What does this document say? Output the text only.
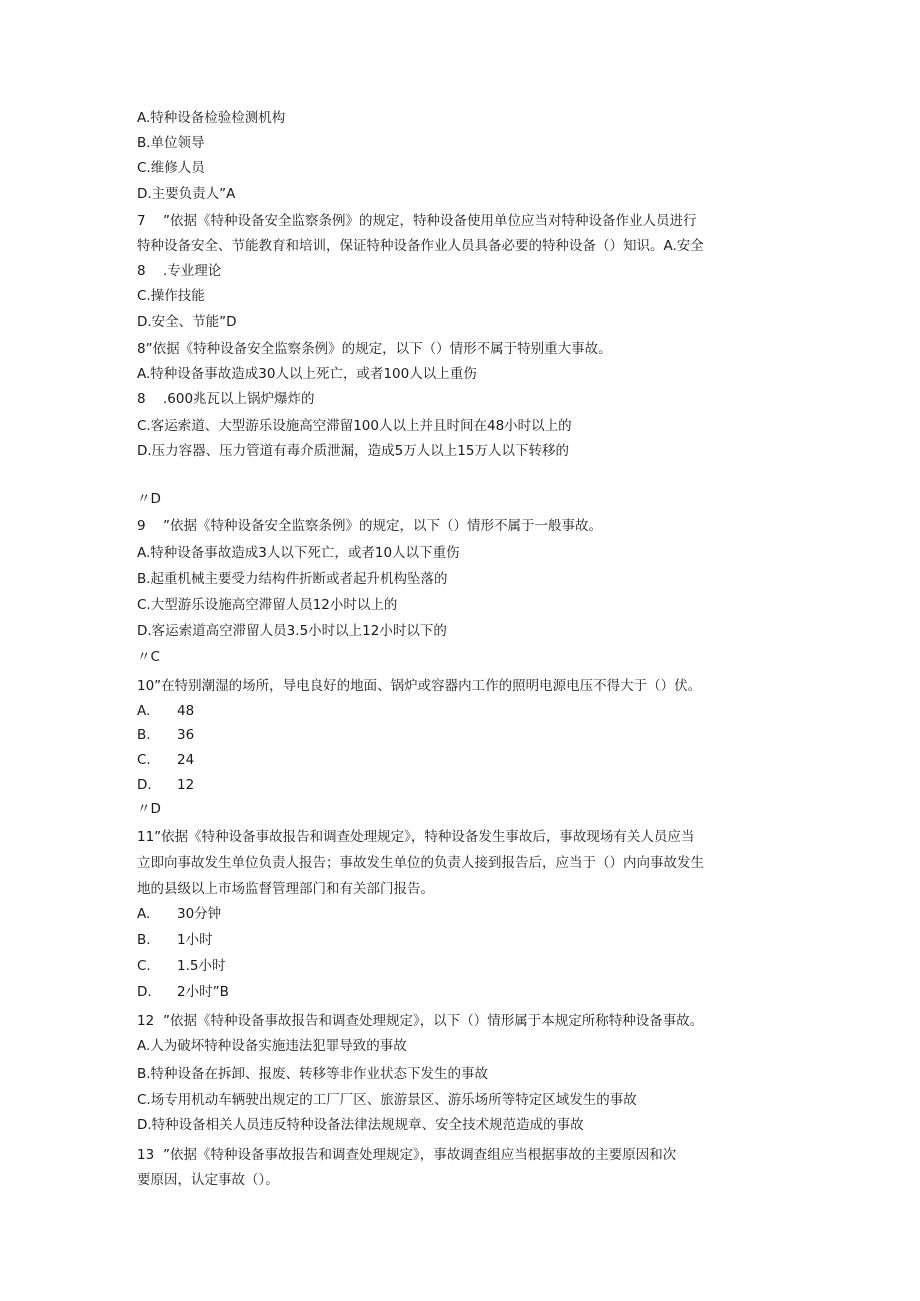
A.特种设备检验检测机构
B.单位领导
C.维修人员
D.主要负责人”A
7 ”依据《特种设备安全监察条例》的规定，特种设备使用单位应当对特种设备作业人员进行
特种设备安全、节能教育和培训，保证特种设备作业人员具备必要的特种设备（）知识。A.安全
8 .专业理论
C.操作技能
D.安全、节能”D
8”依据《特种设备安全监察条例》的规定，以下（）情形不属于特别重大事故。
A.特种设备事故造成30人以上死亡，或者100人以上重伤
8 .600兆瓦以上锅炉爆炸的
C.客运索道、大型游乐设施高空滞留100人以上并且时间在48小时以上的
D.压力容器、压力管道有毒介质泄漏，造成5万人以上15万人以下转移的
〃D
9 ”依据《特种设备安全监察条例》的规定，以下（）情形不属于一般事故。
A.特种设备事故造成3人以下死亡，或者10人以下重伤
B.起重机械主要受力结构件折断或者起升机构坠落的
C.大型游乐设施高空滞留人员12小时以上的
D.客运索道高空滞留人员3.5小时以上12小时以下的
〃C
10”在特别潮湿的场所，导电良好的地面、锅炉或容器内工作的照明电源电压不得大于（）伏。
A. 48
B. 36
C. 24
D. 12
〃D
11”依据《特种设备事故报告和调查处理规定》，特种设备发生事故后，事故现场有关人员应当
立即向事故发生单位负责人报告；事故发生单位的负责人接到报告后，应当于（）内向事故发生
地的县级以上市场监督管理部门和有关部门报告。
A. 30分钟
B. 1小时
C. 1.5小时
D. 2小时”B
12 ”依据《特种设备事故报告和调查处理规定》，以下（）情形属于本规定所称特种设备事故。
A.人为破坏特种设备实施违法犯罪导致的事故
B.特种设备在拆卸、报废、转移等非作业状态下发生的事故
C.场专用机动车辆驶出规定的工厂厂区、旅游景区、游乐场所等特定区域发生的事故
D.特种设备相关人员违反特种设备法律法规规章、安全技术规范造成的事故
13 ”依据《特种设备事故报告和调查处理规定》，事故调查组应当根据事故的主要原因和次
要原因，认定事故（）。
